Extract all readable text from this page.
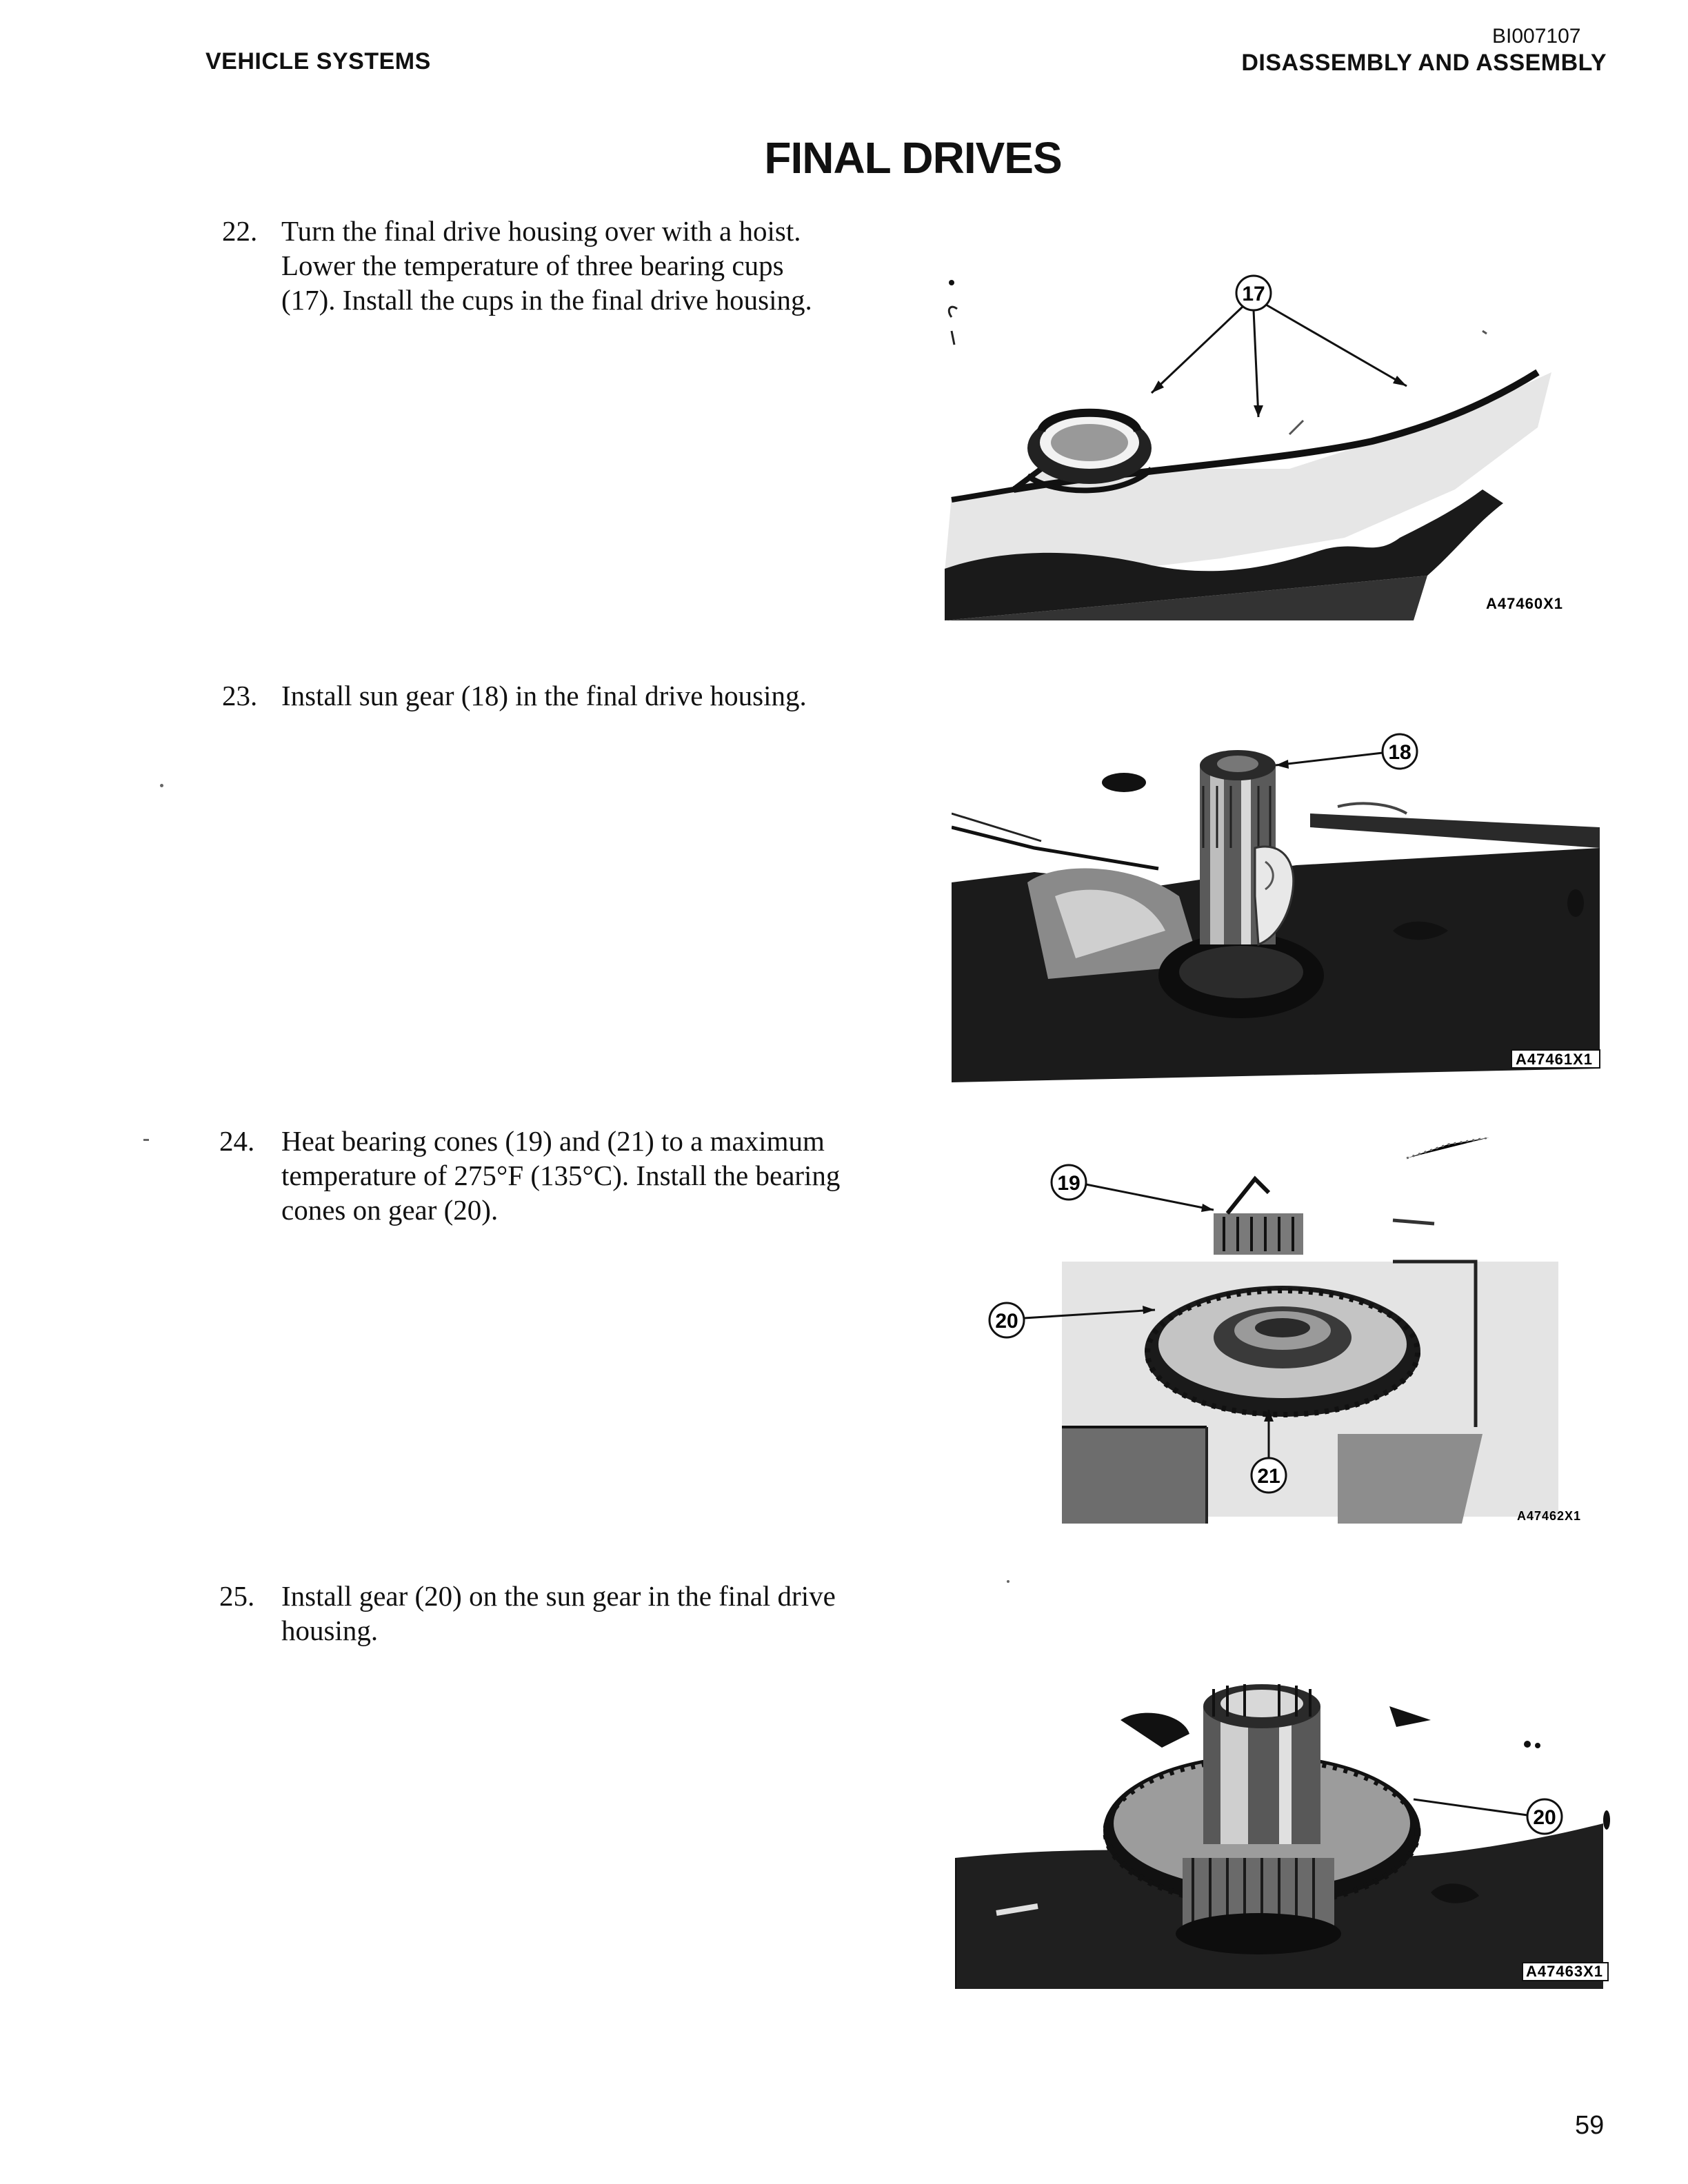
VEHICLE SYSTEMS
BI007107
DISASSEMBLY AND ASSEMBLY
FINAL DRIVES
22. Turn the final drive housing over with a hoist.
Lower the temperature of three bearing cups
(17). Install the cups in the final drive housing.	17
A47460X1
23. Install sun gear (18) in the final drive housing.
18
A47461X1
24. Heat bearing cones (19) and (21) to a maximum
temperature of 275°F (135°C). Install the bearing
cones on gear (20).
19
20
21
A47462X1
25. Install gear (20) on the sun gear in the final drive
housing.
20
A47463X1
59
